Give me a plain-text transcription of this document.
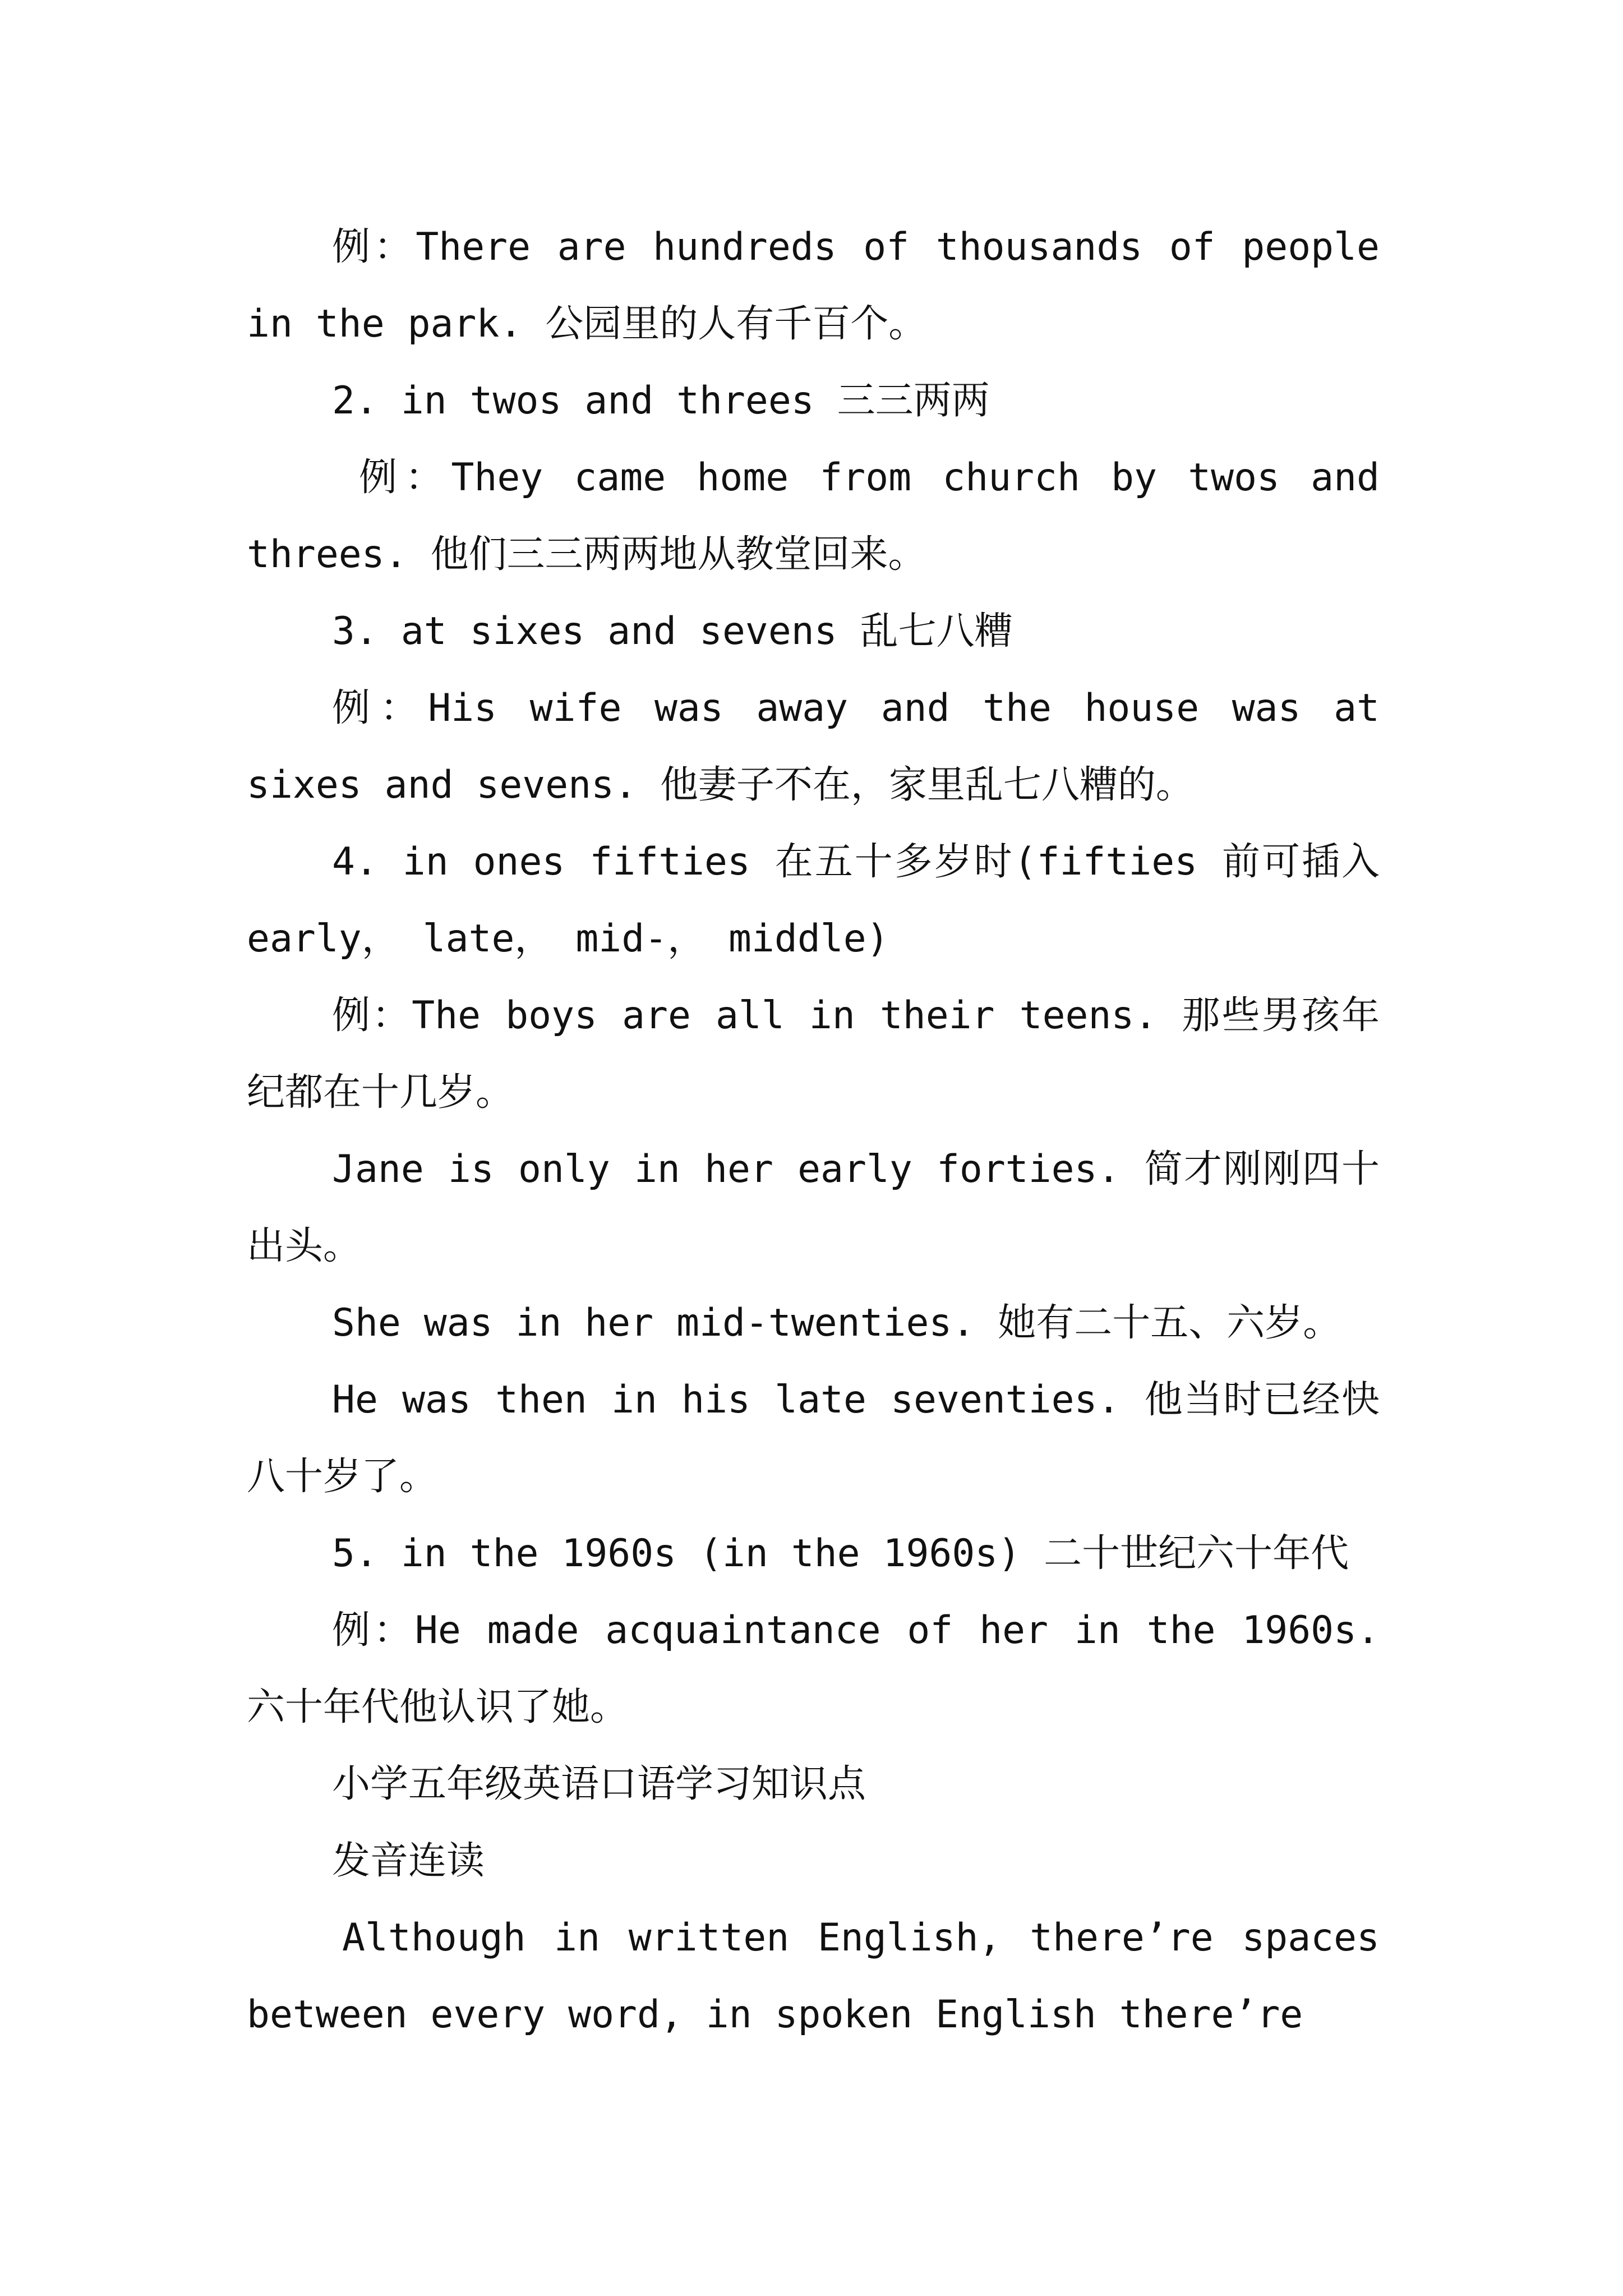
例：There are hundreds of thousands of people in the park. 公园里的人有千百个。

2. in twos and threes 三三两两

例：They came home from church by twos and threes. 他们三三两两地从教堂回来。

3. at sixes and sevens 乱七八糟

例：His wife was away and the house was at sixes and sevens. 他妻子不在，家里乱七八糟的。

4. in ones fifties 在五十多岁时(fifties 前可插入 early， late， mid-， middle)

例：The boys are all in their teens. 那些男孩年纪都在十几岁。

Jane is only in her early forties. 简才刚刚四十出头。

She was in her mid-twenties. 她有二十五、六岁。

He was then in his late seventies. 他当时已经快八十岁了。

5. in the 1960s (in the 1960s) 二十世纪六十年代

例：He made acquaintance of her in the 1960s. 六十年代他认识了她。

小学五年级英语口语学习知识点

发音连读

Although in written English, there’re spaces between every word, in spoken English there’re
